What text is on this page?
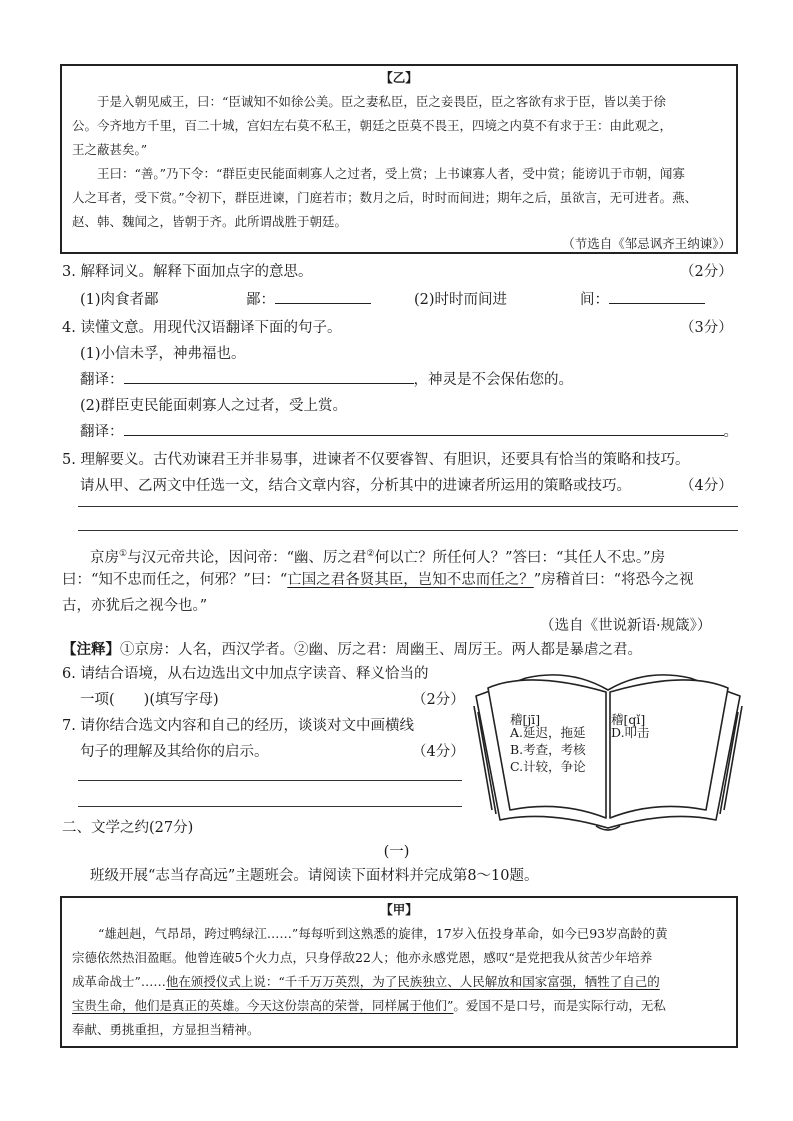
【乙】
于是入朝见威王，曰：“臣诚知不如徐公美。臣之妻私臣，臣之妾畏臣，臣之客欲有求于臣，皆以美于徐
公。今齐地方千里，百二十城，宫妇左右莫不私王，朝廷之臣莫不畏王，四境之内莫不有求于王：由此观之，
王之蔽甚矣。”
王曰：“善。”乃下令：“群臣吏民能面刺寡人之过者，受上赏；上书谏寡人者，受中赏；能谤讥于市朝，闻寡
人之耳者，受下赏。”令初下，群臣进谏，门庭若市；数月之后，时时而间进；期年之后，虽欲言，无可进者。燕、
赵、韩、魏闻之，皆朝于齐。此所谓战胜于朝廷。
（节选自《邹忌讽齐王纳谏》）
3. 解释词义。解释下面加点字的意思。	（2分）
(1)肉食者鄙	鄙：	(2)时时而间进	间：
4. 读懂文意。用现代汉语翻译下面的句子。	（3分）
(1)小信未孚，神弗福也。
翻译：	，神灵是不会保佑您的。
(2)群臣吏民能面刺寡人之过者，受上赏。
翻译：	。
5. 理解要义。古代劝谏君王并非易事，进谏者不仅要睿智、有胆识，还要具有恰当的策略和技巧。
请从甲、乙两文中任选一文，结合文章内容，分析其中的进谏者所运用的策略或技巧。	（4分）
京房①与汉元帝共论，因问帝：“幽、厉之君②何以亡？所任何人？”答曰：“其任人不忠。”房
曰：“知不忠而任之，何邪？”曰：“亡国之君各贤其臣，岂知不忠而任之？”房稽首曰：“将恐今之视
古，亦犹后之视今也。”
（选自《世说新语·规箴》）
【注释】①京房：人名，西汉学者。②幽、厉之君：周幽王、周厉王。两人都是暴虐之君。
6. 请结合语境，从右边选出文中加点字读音、释义恰当的
一项(　　)(填写字母)	（2分）
7. 请你结合选文内容和自己的经历，谈谈对文中画横线
句子的理解及其给你的启示。	（4分）
稽[jī]
A.延迟，拖延
B.考查，考核
C.计较，争论
稽[qǐ]
D.叩击
二、文学之约(27分)
(一)
班级开展“志当存高远”主题班会。请阅读下面材料并完成第8～10题。
【甲】
“雄赳赳，气昂昂，跨过鸭绿江……”每每听到这熟悉的旋律，17岁入伍投身革命，如今已93岁高龄的黄
宗德依然热泪盈眶。他曾连破5个火力点，只身俘敌22人；他亦永感党恩，感叹“是党把我从贫苦少年培养
成革命战士”……他在颁授仪式上说：“千千万万英烈，为了民族独立、人民解放和国家富强，牺牲了自己的
宝贵生命，他们是真正的英雄。今天这份崇高的荣誉，同样属于他们”。爱国不是口号，而是实际行动，无私
奉献、勇挑重担，方显担当精神。
